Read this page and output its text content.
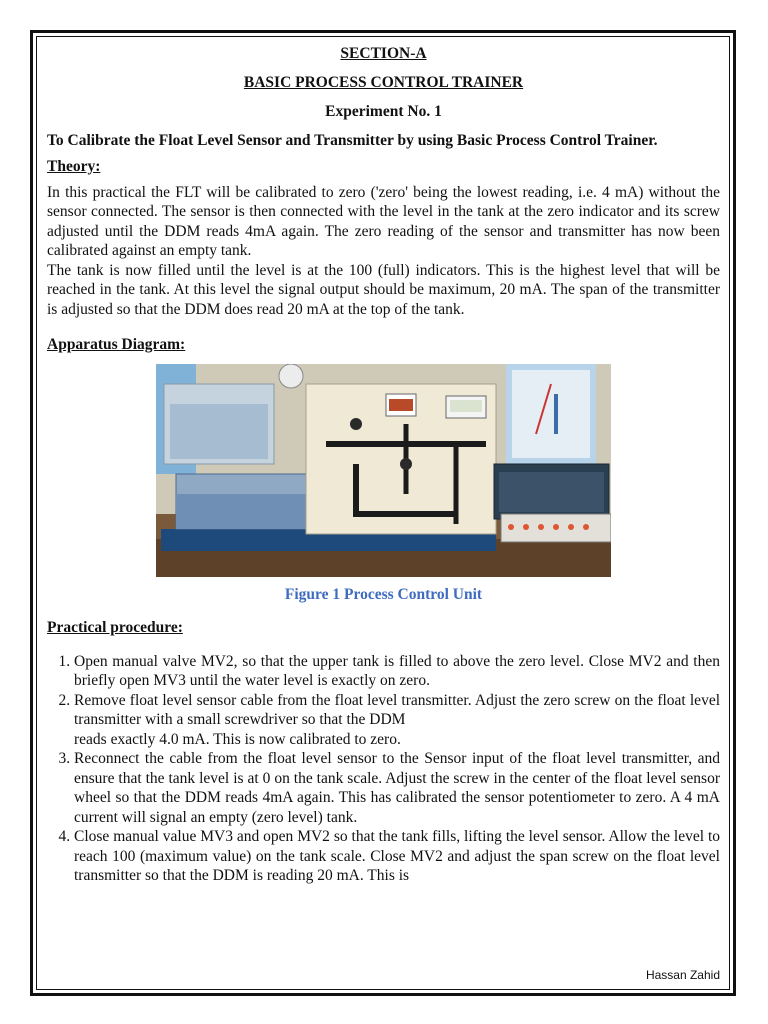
SECTION-A
BASIC PROCESS CONTROL TRAINER
Experiment No. 1
To Calibrate the Float Level Sensor and Transmitter by using Basic Process Control Trainer.
Theory:

In this practical the FLT will be calibrated to zero ('zero' being the lowest reading, i.e. 4 mA) without the sensor connected. The sensor is then connected with the level in the tank at the zero indicator and its screw adjusted until the DDM reads 4mA again. The zero reading of the sensor and transmitter has now been calibrated against an empty tank.

The tank is now filled until the level is at the 100 (full) indicators. This is the highest level that will be reached in the tank. At this level the signal output should be maximum, 20 mA. The span of the transmitter is adjusted so that the DDM does read 20 mA at the top of the tank.

Apparatus Diagram:
Figure 1 Process Control Unit
Practical procedure:
1. Open manual valve MV2, so that the upper tank is filled to above the zero level. Close MV2 and then briefly open MV3 until the water level is exactly on zero.
2. Remove float level sensor cable from the float level transmitter. Adjust the zero screw on the float level transmitter with a small screwdriver so that the DDM
reads exactly 4.0 mA. This is now calibrated to zero.
3. Reconnect the cable from the float level sensor to the Sensor input of the float level transmitter, and ensure that the tank level is at 0 on the tank scale. Adjust the screw in the center of the float level sensor wheel so that the DDM reads 4mA again. This has calibrated the sensor potentiometer to zero. A 4 mA current will signal an empty (zero level) tank.
4. Close manual value MV3 and open MV2 so that the tank fills, lifting the level sensor. Allow the level to reach 100 (maximum value) on the tank scale. Close MV2 and adjust the span screw on the float level transmitter so that the DDM is reading 20 mA. This is
Hassan Zahid
